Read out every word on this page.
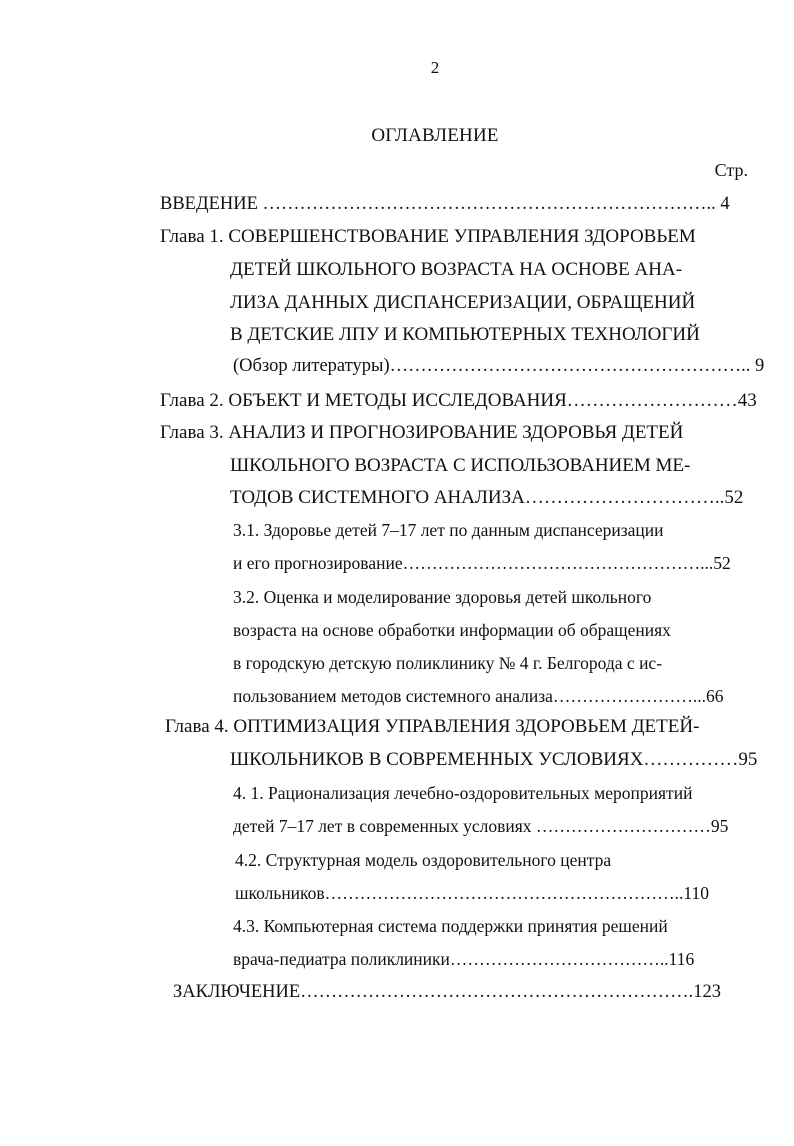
2
ОГЛАВЛЕНИЕ
Стр.
ВВЕДЕНИЕ ……………………………………………………………….. 4
Глава 1. СОВЕРШЕНСТВОВАНИЕ УПРАВЛЕНИЯ ЗДОРОВЬЕМ
ДЕТЕЙ ШКОЛЬНОГО ВОЗРАСТА НА ОСНОВЕ АНА-
ЛИЗА ДАННЫХ ДИСПАНСЕРИЗАЦИИ, ОБРАЩЕНИЙ
В ДЕТСКИЕ ЛПУ И КОМПЬЮТЕРНЫХ ТЕХНОЛОГИЙ
(Обзор литературы)………………………………………………….. 9
Глава 2. ОБЪЕКТ И МЕТОДЫ ИССЛЕДОВАНИЯ………………………43
Глава 3. АНАЛИЗ И ПРОГНОЗИРОВАНИЕ ЗДОРОВЬЯ ДЕТЕЙ
ШКОЛЬНОГО ВОЗРАСТА С ИСПОЛЬЗОВАНИЕМ МЕ-
ТОДОВ СИСТЕМНОГО АНАЛИЗА…………………………..52
3.1. Здоровье детей 7–17 лет по данным диспансеризации
и его прогнозирование……………………………………………...52
3.2. Оценка и моделирование здоровья детей школьного
возраста на основе обработки информации об обращениях
в городскую детскую поликлинику № 4 г. Белгорода с ис-
пользованием методов системного анализа……………………...66
Глава 4. ОПТИМИЗАЦИЯ УПРАВЛЕНИЯ ЗДОРОВЬЕМ ДЕТЕЙ-
ШКОЛЬНИКОВ В СОВРЕМЕННЫХ УСЛОВИЯХ……………95
4. 1. Рационализация лечебно-оздоровительных мероприятий
детей 7–17 лет в современных условиях …………………………95
4.2. Структурная модель оздоровительного центра
школьников……………………………………………………..110
4.3. Компьютерная система поддержки принятия решений
врача-педиатра поликлиники………………………………..116
ЗАКЛЮЧЕНИЕ……………………………………………………….123
